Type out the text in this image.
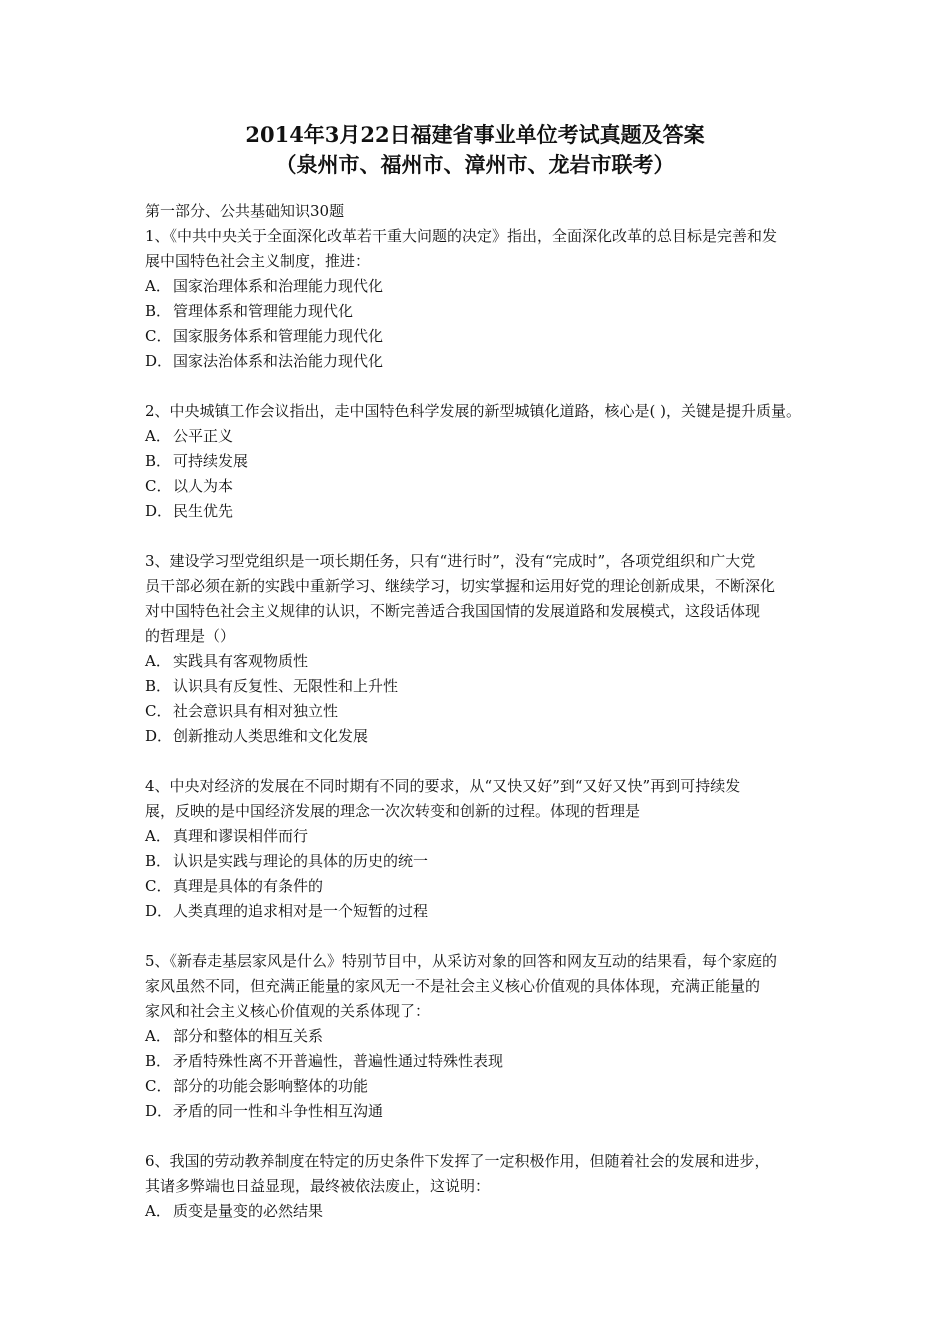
2014年3月22日福建省事业单位考试真题及答案
（泉州市、福州市、漳州市、龙岩市联考）
第一部分、公共基础知识30题
1、《中共中央关于全面深化改革若干重大问题的决定》指出，全面深化改革的总目标是完善和发
展中国特色社会主义制度，推进：
A． 国家治理体系和治理能力现代化
B． 管理体系和管理能力现代化
C． 国家服务体系和管理能力现代化
D．国家法治体系和法治能力现代化
2、中央城镇工作会议指出，走中国特色科学发展的新型城镇化道路，核心是( )，关键是提升质量。
A． 公平正义
B． 可持续发展
C． 以人为本
D．民生优先
3、建设学习型党组织是一项长期任务，只有“进行时”，没有“完成时”，各项党组织和广大党
员干部必须在新的实践中重新学习、继续学习，切实掌握和运用好党的理论创新成果，不断深化
对中国特色社会主义规律的认识，不断完善适合我国国情的发展道路和发展模式，这段话体现
的哲理是（）
A． 实践具有客观物质性
B． 认识具有反复性、无限性和上升性
C． 社会意识具有相对独立性
D．创新推动人类思维和文化发展
4、中央对经济的发展在不同时期有不同的要求，从“又快又好”到“又好又快”再到可持续发
展，反映的是中国经济发展的理念一次次转变和创新的过程。体现的哲理是
A． 真理和谬误相伴而行
B． 认识是实践与理论的具体的历史的统一
C． 真理是具体的有条件的
D．人类真理的追求相对是一个短暂的过程
5、《新春走基层家风是什么》特别节目中，从采访对象的回答和网友互动的结果看，每个家庭的
家风虽然不同，但充满正能量的家风无一不是社会主义核心价值观的具体体现，充满正能量的
家风和社会主义核心价值观的关系体现了：
A． 部分和整体的相互关系
B． 矛盾特殊性离不开普遍性，普遍性通过特殊性表现
C． 部分的功能会影响整体的功能
D．矛盾的同一性和斗争性相互沟通
6、我国的劳动教养制度在特定的历史条件下发挥了一定积极作用，但随着社会的发展和进步，
其诸多弊端也日益显现，最终被依法废止，这说明：
A． 质变是量变的必然结果
